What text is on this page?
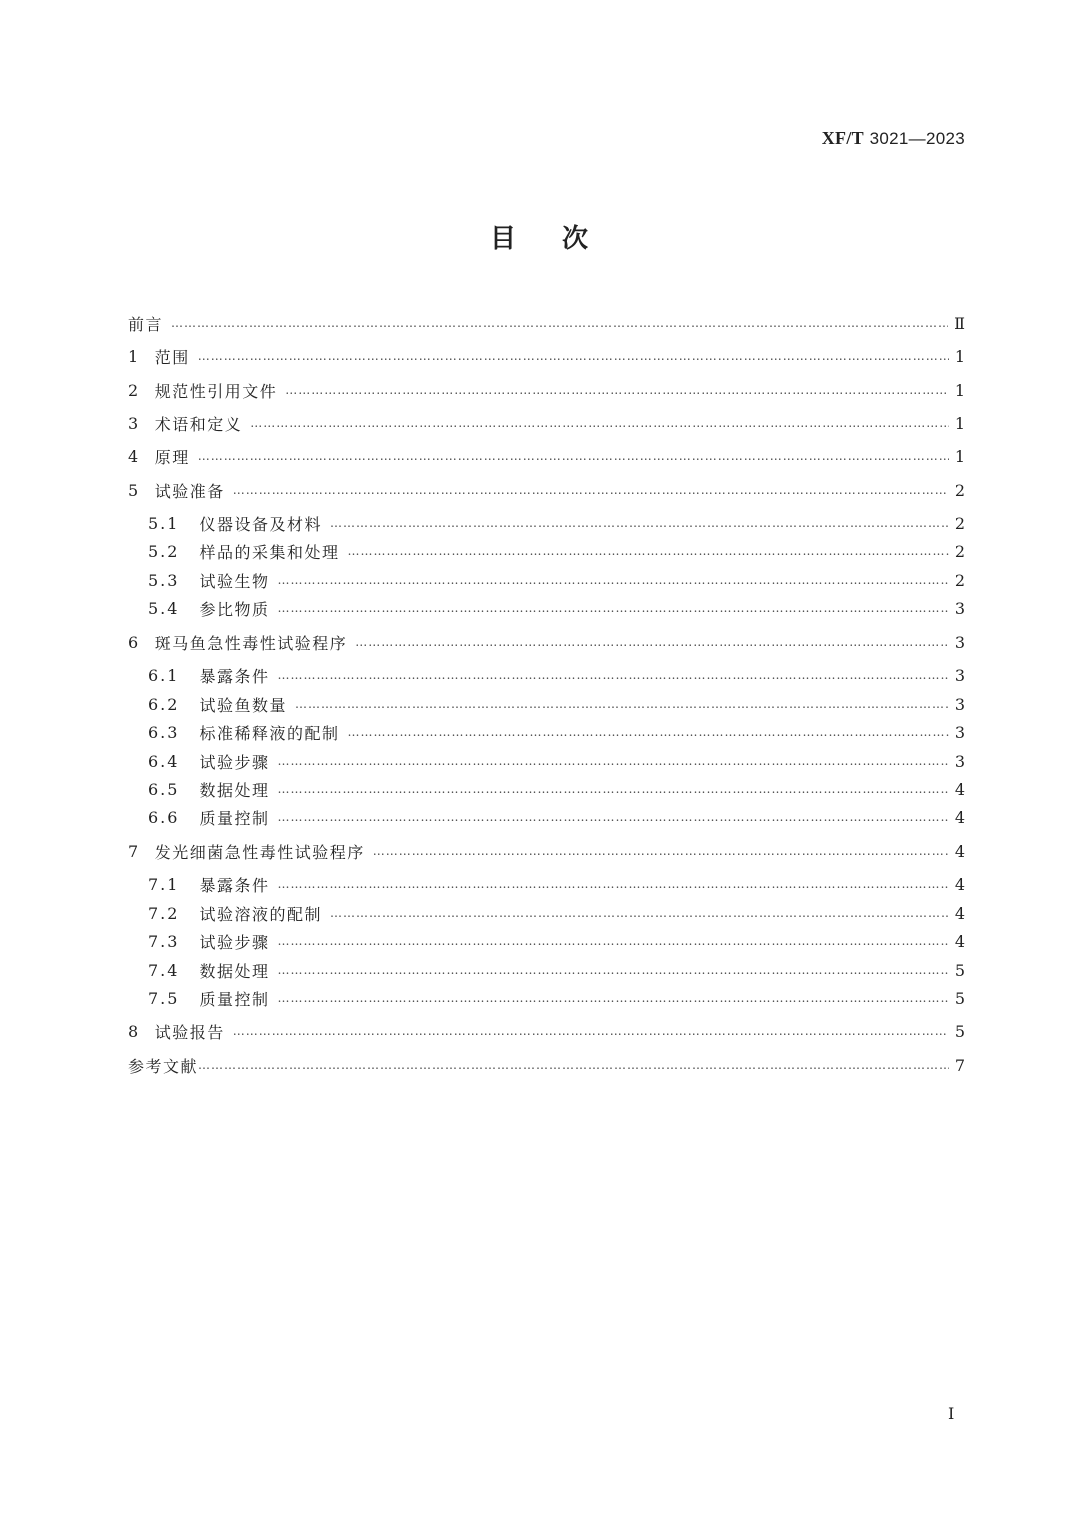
XF/T 3021—2023
目 次
前言 ………………………………………………………………………………………………………………………………………………………………………………………………………………	Ⅱ
1 范围 ………………………………………………………………………………………………………………………………………………………………………………………………………………	1
2 规范性引用文件 ………………………………………………………………………………………………………………………………………………………………………………………………………………	1
3 术语和定义 ………………………………………………………………………………………………………………………………………………………………………………………………………………	1
4 原理 ………………………………………………………………………………………………………………………………………………………………………………………………………………	1
5 试验准备 ………………………………………………………………………………………………………………………………………………………………………………………………………………	2
5.1 仪器设备及材料 ………………………………………………………………………………………………………………………………………………………………………………………………………………	2
5.2 样品的采集和处理 ………………………………………………………………………………………………………………………………………………………………………………………………………………	2
5.3 试验生物 ………………………………………………………………………………………………………………………………………………………………………………………………………………	2
5.4 参比物质 ………………………………………………………………………………………………………………………………………………………………………………………………………………	3
6 斑马鱼急性毒性试验程序 ………………………………………………………………………………………………………………………………………………………………………………………………………………	3
6.1 暴露条件 ………………………………………………………………………………………………………………………………………………………………………………………………………………	3
6.2 试验鱼数量 ………………………………………………………………………………………………………………………………………………………………………………………………………………	3
6.3 标准稀释液的配制 ………………………………………………………………………………………………………………………………………………………………………………………………………………	3
6.4 试验步骤 ………………………………………………………………………………………………………………………………………………………………………………………………………………	3
6.5 数据处理 ………………………………………………………………………………………………………………………………………………………………………………………………………………	4
6.6 质量控制 ………………………………………………………………………………………………………………………………………………………………………………………………………………	4
7 发光细菌急性毒性试验程序 ………………………………………………………………………………………………………………………………………………………………………………………………………………	4
7.1 暴露条件 ………………………………………………………………………………………………………………………………………………………………………………………………………………	4
7.2 试验溶液的配制 ………………………………………………………………………………………………………………………………………………………………………………………………………………	4
7.3 试验步骤 ………………………………………………………………………………………………………………………………………………………………………………………………………………	4
7.4 数据处理 ………………………………………………………………………………………………………………………………………………………………………………………………………………	5
7.5 质量控制 ………………………………………………………………………………………………………………………………………………………………………………………………………………	5
8 试验报告 ………………………………………………………………………………………………………………………………………………………………………………………………………………	5
参考文献 ………………………………………………………………………………………………………………………………………………………………………………………………………………	7
I
